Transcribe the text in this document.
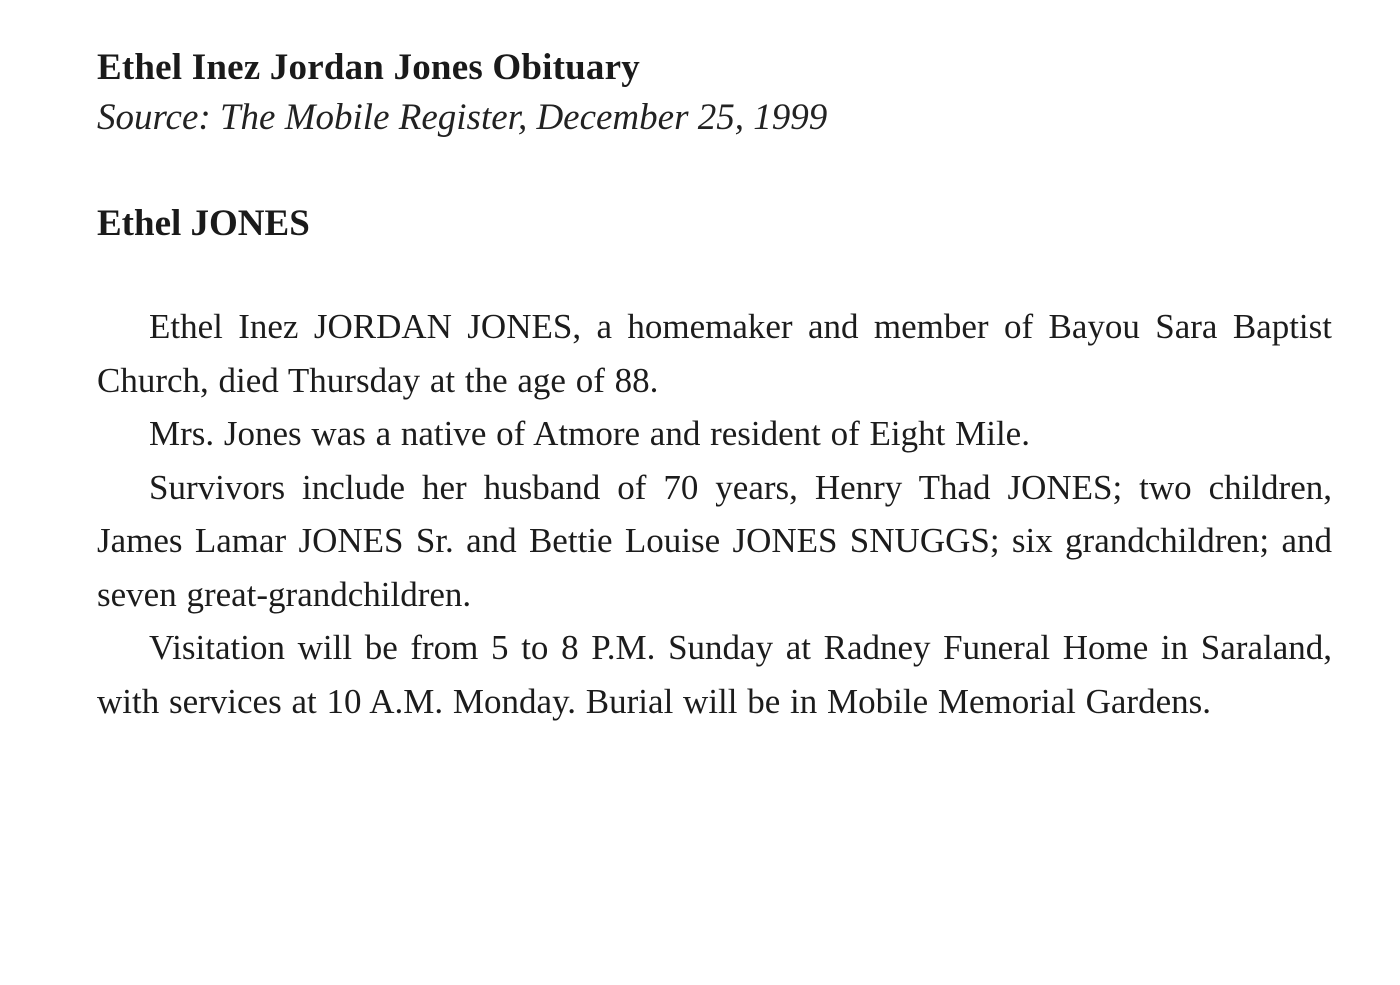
Ethel Inez Jordan Jones Obituary

Source: The Mobile Register, December 25, 1999

Ethel JONES

Ethel Inez JORDAN JONES, a homemaker and member of Bayou Sara Baptist Church, died Thursday at the age of 88.

Mrs. Jones was a native of Atmore and resident of Eight Mile.

Survivors include her husband of 70 years, Henry Thad JONES; two children, James Lamar JONES Sr. and Bettie Louise JONES SNUGGS; six grandchildren; and seven great-grandchildren.

Visitation will be from 5 to 8 P.M. Sunday at Radney Funeral Home in Saraland, with services at 10 A.M. Monday. Burial will be in Mobile Memorial Gardens.
